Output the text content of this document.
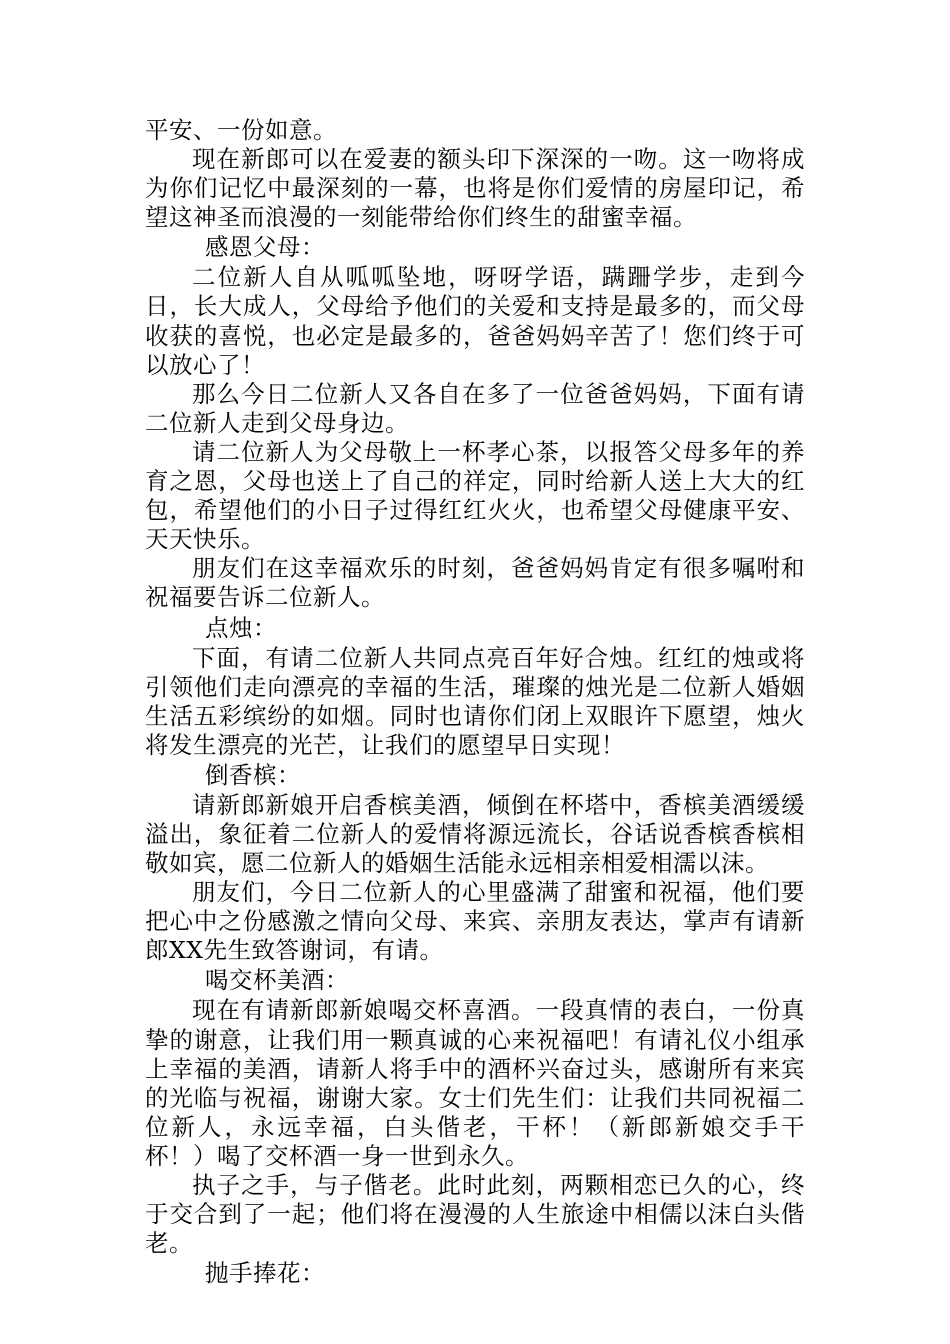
平安、一份如意。

现在新郎可以在爱妻的额头印下深深的一吻。这一吻将成为你们记忆中最深刻的一幕，也将是你们爱情的房屋印记，希望这神圣而浪漫的一刻能带给你们终生的甜蜜幸福。

感恩父母：

二位新人自从呱呱坠地，呀呀学语，蹒跚学步，走到今日，长大成人，父母给予他们的关爱和支持是最多的，而父母收获的喜悦，也必定是最多的，爸爸妈妈辛苦了！您们终于可以放心了！

那么今日二位新人又各自在多了一位爸爸妈妈，下面有请二位新人走到父母身边。

请二位新人为父母敬上一杯孝心茶，以报答父母多年的养育之恩，父母也送上了自己的祥定，同时给新人送上大大的红包，希望他们的小日子过得红红火火，也希望父母健康平安、天天快乐。

朋友们在这幸福欢乐的时刻，爸爸妈妈肯定有很多嘱咐和祝福要告诉二位新人。

点烛：

下面，有请二位新人共同点亮百年好合烛。红红的烛或将引领他们走向漂亮的幸福的生活，璀璨的烛光是二位新人婚姻生活五彩缤纷的如烟。同时也请你们闭上双眼许下愿望，烛火将发生漂亮的光芒，让我们的愿望早日实现！

倒香槟：

请新郎新娘开启香槟美酒，倾倒在杯塔中，香槟美酒缓缓溢出，象征着二位新人的爱情将源远流长，谷话说香槟香槟相敬如宾，愿二位新人的婚姻生活能永远相亲相爱相濡以沫。

朋友们，今日二位新人的心里盛满了甜蜜和祝福，他们要把心中之份感激之情向父母、来宾、亲朋友表达，掌声有请新郎XX先生致答谢词，有请。

喝交杯美酒：

现在有请新郎新娘喝交杯喜酒。一段真情的表白，一份真挚的谢意，让我们用一颗真诚的心来祝福吧！有请礼仪小组承上幸福的美酒，请新人将手中的酒杯兴奋过头，感谢所有来宾的光临与祝福，谢谢大家。女士们先生们：让我们共同祝福二位新人，永远幸福，白头偕老，干杯！（新郎新娘交手干杯！）喝了交杯酒一身一世到永久。

执子之手，与子偕老。此时此刻，两颗相恋已久的心，终于交合到了一起；他们将在漫漫的人生旅途中相儒以沫白头偕老。

抛手捧花：
